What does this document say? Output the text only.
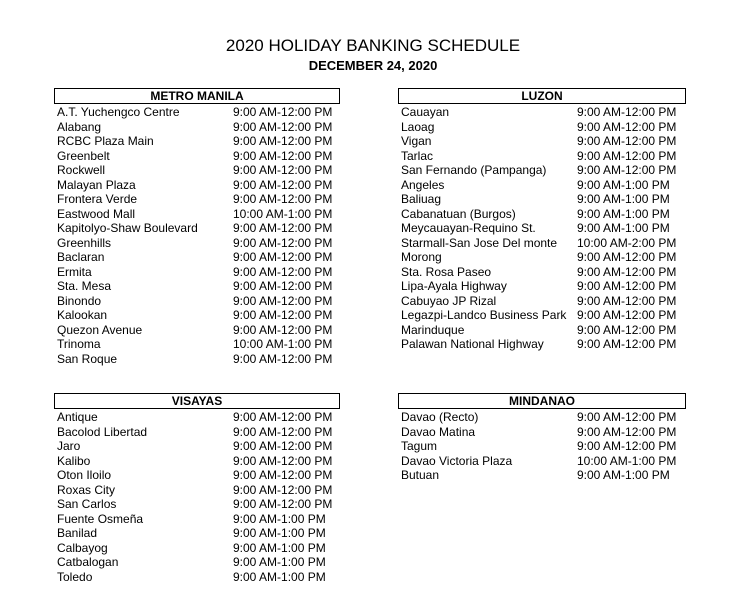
2020 HOLIDAY BANKING SCHEDULE
DECEMBER 24, 2020
METRO MANILA
A.T. Yuchengco Centre	9:00 AM-12:00 PM
Alabang	9:00 AM-12:00 PM
RCBC Plaza Main	9:00 AM-12:00 PM
Greenbelt	9:00 AM-12:00 PM
Rockwell	9:00 AM-12:00 PM
Malayan Plaza	9:00 AM-12:00 PM
Frontera Verde	9:00 AM-12:00 PM
Eastwood Mall	10:00 AM-1:00 PM
Kapitolyo-Shaw Boulevard	9:00 AM-12:00 PM
Greenhills	9:00 AM-12:00 PM
Baclaran	9:00 AM-12:00 PM
Ermita	9:00 AM-12:00 PM
Sta. Mesa	9:00 AM-12:00 PM
Binondo	9:00 AM-12:00 PM
Kalookan	9:00 AM-12:00 PM
Quezon Avenue	9:00 AM-12:00 PM
Trinoma	10:00 AM-1:00 PM
San Roque	9:00 AM-12:00 PM
LUZON
Cauayan	9:00 AM-12:00 PM
Laoag	9:00 AM-12:00 PM
Vigan	9:00 AM-12:00 PM
Tarlac	9:00 AM-12:00 PM
San Fernando (Pampanga)	9:00 AM-12:00 PM
Angeles	9:00 AM-1:00 PM
Baliuag	9:00 AM-1:00 PM
Cabanatuan (Burgos)	9:00 AM-1:00 PM
Meycauayan-Requino St.	9:00 AM-1:00 PM
Starmall-San Jose Del monte 10:00 AM-2:00 PM
Morong	9:00 AM-12:00 PM
Sta. Rosa Paseo	9:00 AM-12:00 PM
Lipa-Ayala Highway	9:00 AM-12:00 PM
Cabuyao JP Rizal	9:00 AM-12:00 PM
Legazpi-Landco Business Park 9:00 AM-12:00 PM
Marinduque	9:00 AM-12:00 PM
Palawan National Highway	9:00 AM-12:00 PM
VISAYAS
Antique	9:00 AM-12:00 PM
Bacolod Libertad	9:00 AM-12:00 PM
Jaro	9:00 AM-12:00 PM
Kalibo	9:00 AM-12:00 PM
Oton Iloilo	9:00 AM-12:00 PM
Roxas City	9:00 AM-12:00 PM
San Carlos	9:00 AM-12:00 PM
Fuente Osmeña	9:00 AM-1:00 PM
Banilad	9:00 AM-1:00 PM
Calbayog	9:00 AM-1:00 PM
Catbalogan	9:00 AM-1:00 PM
Toledo	9:00 AM-1:00 PM
MINDANAO
Davao (Recto)	9:00 AM-12:00 PM
Davao Matina	9:00 AM-12:00 PM
Tagum	9:00 AM-12:00 PM
Davao Victoria Plaza	10:00 AM-1:00 PM
Butuan	9:00 AM-1:00 PM
